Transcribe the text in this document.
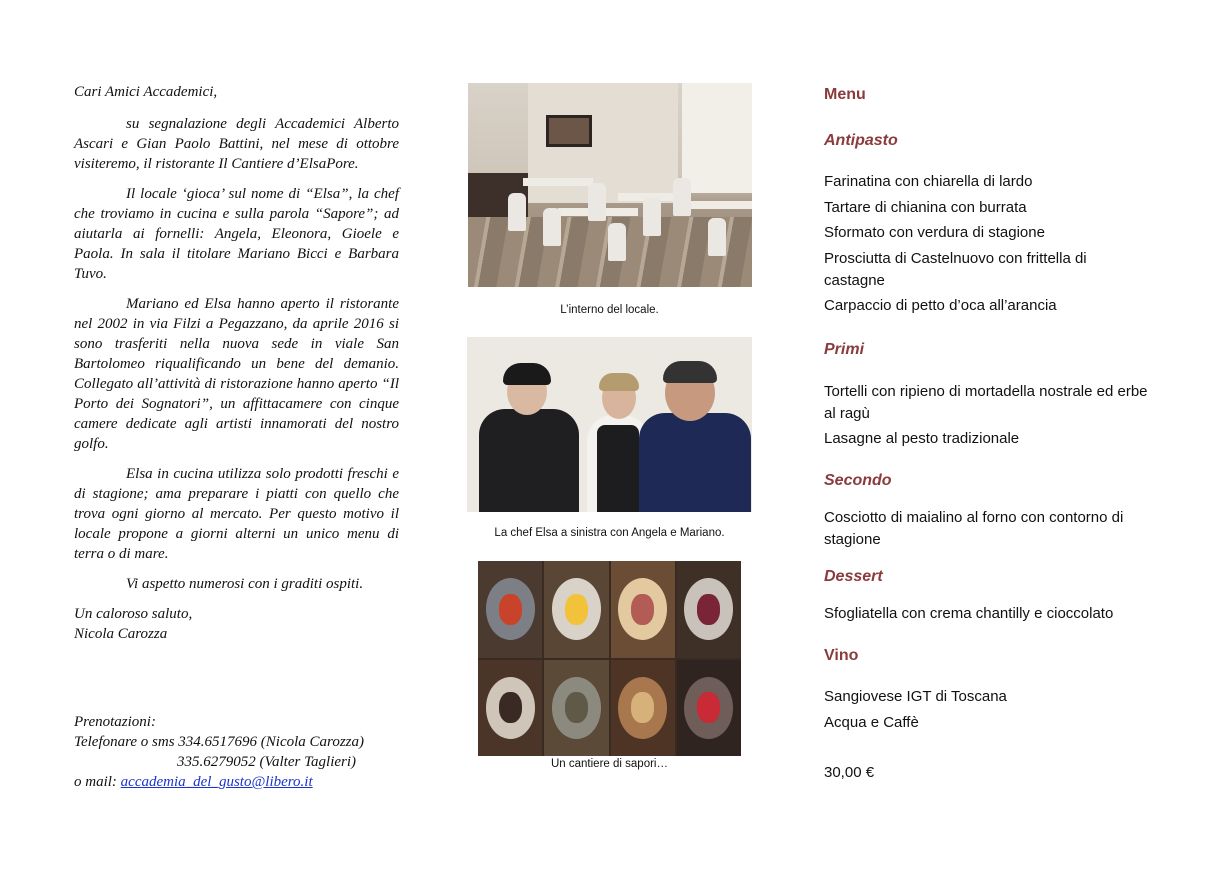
Cari Amici Accademici,

su segnalazione degli Accademici Alberto Ascari e Gian Paolo Battini, nel mese di ottobre visiteremo, il ristorante Il Cantiere d’ElsaPore.

Il locale ‘gioca’ sul nome di “Elsa”, la chef che troviamo in cucina e sulla parola “Sapore”; ad aiutarla ai fornelli: Angela, Eleonora, Gioele e Paola. In sala il titolare Mariano Bicci e Barbara Tuvo.

Mariano ed Elsa hanno aperto il ristorante nel 2002 in via Filzi a Pegazzano, da aprile 2016 si sono trasferiti nella nuova sede in viale San Bartolomeo riqualificando un bene del demanio. Collegato all’attività di ristorazione hanno aperto “Il Porto dei Sognatori”, un affittacamere con cinque camere dedicate agli artisti innamorati del nostro golfo.

Elsa in cucina utilizza solo prodotti freschi e di stagione; ama preparare i piatti con quello che trova ogni giorno al mercato. Per questo motivo il locale propone a giorni alterni un unico menu di terra o di mare.

Vi aspetto numerosi con i graditi ospiti.

Un caloroso saluto,

Nicola Carozza

Prenotazioni:
Telefonare o sms 334.6517696 (Nicola Carozza)
335.6279052 (Valter Taglieri)
o mail: accademia_del_gusto@libero.it
L’interno del locale.
La chef Elsa a sinistra con Angela e Mariano.
Un cantiere di sapori…
Menu
Antipasto
Farinatina con chiarella di lardo
Tartare di chianina con burrata
Sformato con verdura di stagione
Prosciutta di Castelnuovo con frittella di castagne
Carpaccio di petto d’oca all’arancia
Primi
Tortelli con ripieno di mortadella nostrale ed erbe al ragù
Lasagne al pesto tradizionale
Secondo
Cosciotto di maialino al forno con contorno di stagione
Dessert
Sfogliatella con crema chantilly e cioccolato
Vino
Sangiovese IGT di Toscana
Acqua e Caffè
30,00 €
